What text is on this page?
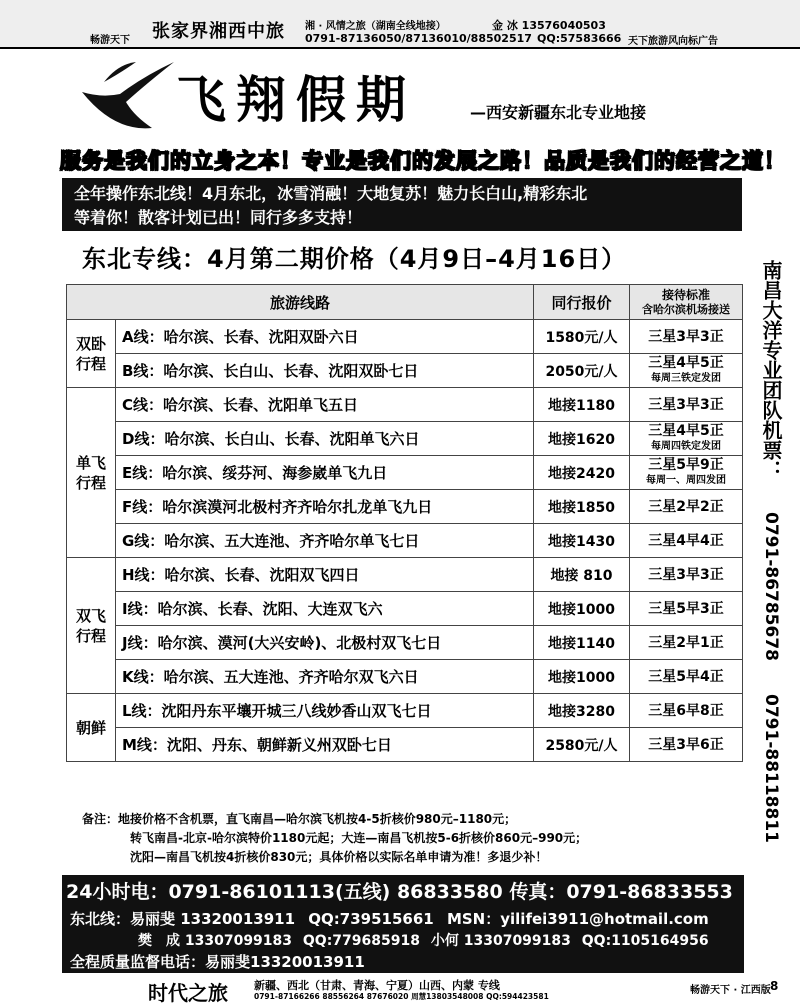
畅游天下 张家界湘西中旅 湘 · 风情之旅（湖南全线地接）	金 冰 13576040503
0791-87136050/87136010/88502517 QQ:57583666 天下旅游风向标广告
南昌大洋专业团队机票：
0791-86785678
0791-88118811
飞翔假期	—西安新疆东北专业地接
服务是我们的立身之本！专业是我们的发展之路！品质是我们的经营之道！
全年操作东北线！4月东北，冰雪消融！大地复苏！魅力长白山,精彩东北
等着你！散客计划已出！同行多多支持！
东北专线：4月第二期价格（4月9日–4月16日）
旅游线路		同行报价	接待标准
含哈尔滨机场接送

双卧
行程	A线：哈尔滨、长春、沈阳双卧六日	1580元/人	三星3早3正
	B线：哈尔滨、长白山、长春、沈阳双卧七日	2050元/人	三星4早5正
每周三铁定发团

单飞
行程	C线：哈尔滨、长春、沈阳单飞五日	地接1180	三星3早3正
	D线：哈尔滨、长白山、长春、沈阳单飞六日	地接1620	三星4早5正
每周四铁定发团

	E线：哈尔滨、绥芬河、海参崴单飞九日	地接2420	三星5早9正
每周一、周四发团

	F线：哈尔滨漠河北极村齐齐哈尔扎龙单飞九日	地接1850	三星2早2正
	G线：哈尔滨、五大连池、齐齐哈尔单飞七日	地接1430	三星4早4正

双飞
行程	H线：哈尔滨、长春、沈阳双飞四日	地接 810	三星3早3正
	I线：哈尔滨、长春、沈阳、大连双飞六	地接1000	三星5早3正
	J线：哈尔滨、漠河(大兴安岭)、北极村双飞七日	地接1140	三星2早1正
	K线：哈尔滨、五大连池、齐齐哈尔双飞六日	地接1000	三星5早4正

朝鲜	L线：沈阳丹东平壤开城三八线妙香山双飞七日	地接3280	三星6早8正
	M线：沈阳、丹东、朝鲜新义州双卧七日	2580元/人	三星3早6正
备注：地接价格不含机票，直飞南昌—哈尔滨飞机按4-5折核价980元–1180元；
转飞南昌-北京-哈尔滨特价1180元起；大连—南昌飞机按5-6折核价860元–990元；
沈阳—南昌飞机按4折核价830元；具体价格以实际名单申请为准！多退少补！
24小时电：0791-86101113(五线) 86833580 传真：0791-86833553
东北线：易丽斐 13320013911 QQ:739515661 MSN：yilifei3911@hotmail.com
樊　成 13307099183 QQ:779685918 小何 13307099183 QQ:1105164956
全程质量监督电话：易丽斐13320013911
时代之旅 新疆、西北（甘肃、青海、宁夏）山西、内蒙 专线
0791-87166266 88556264 87676020 周慧13803548008 QQ:594423581
畅游天下 · 江西版 8
